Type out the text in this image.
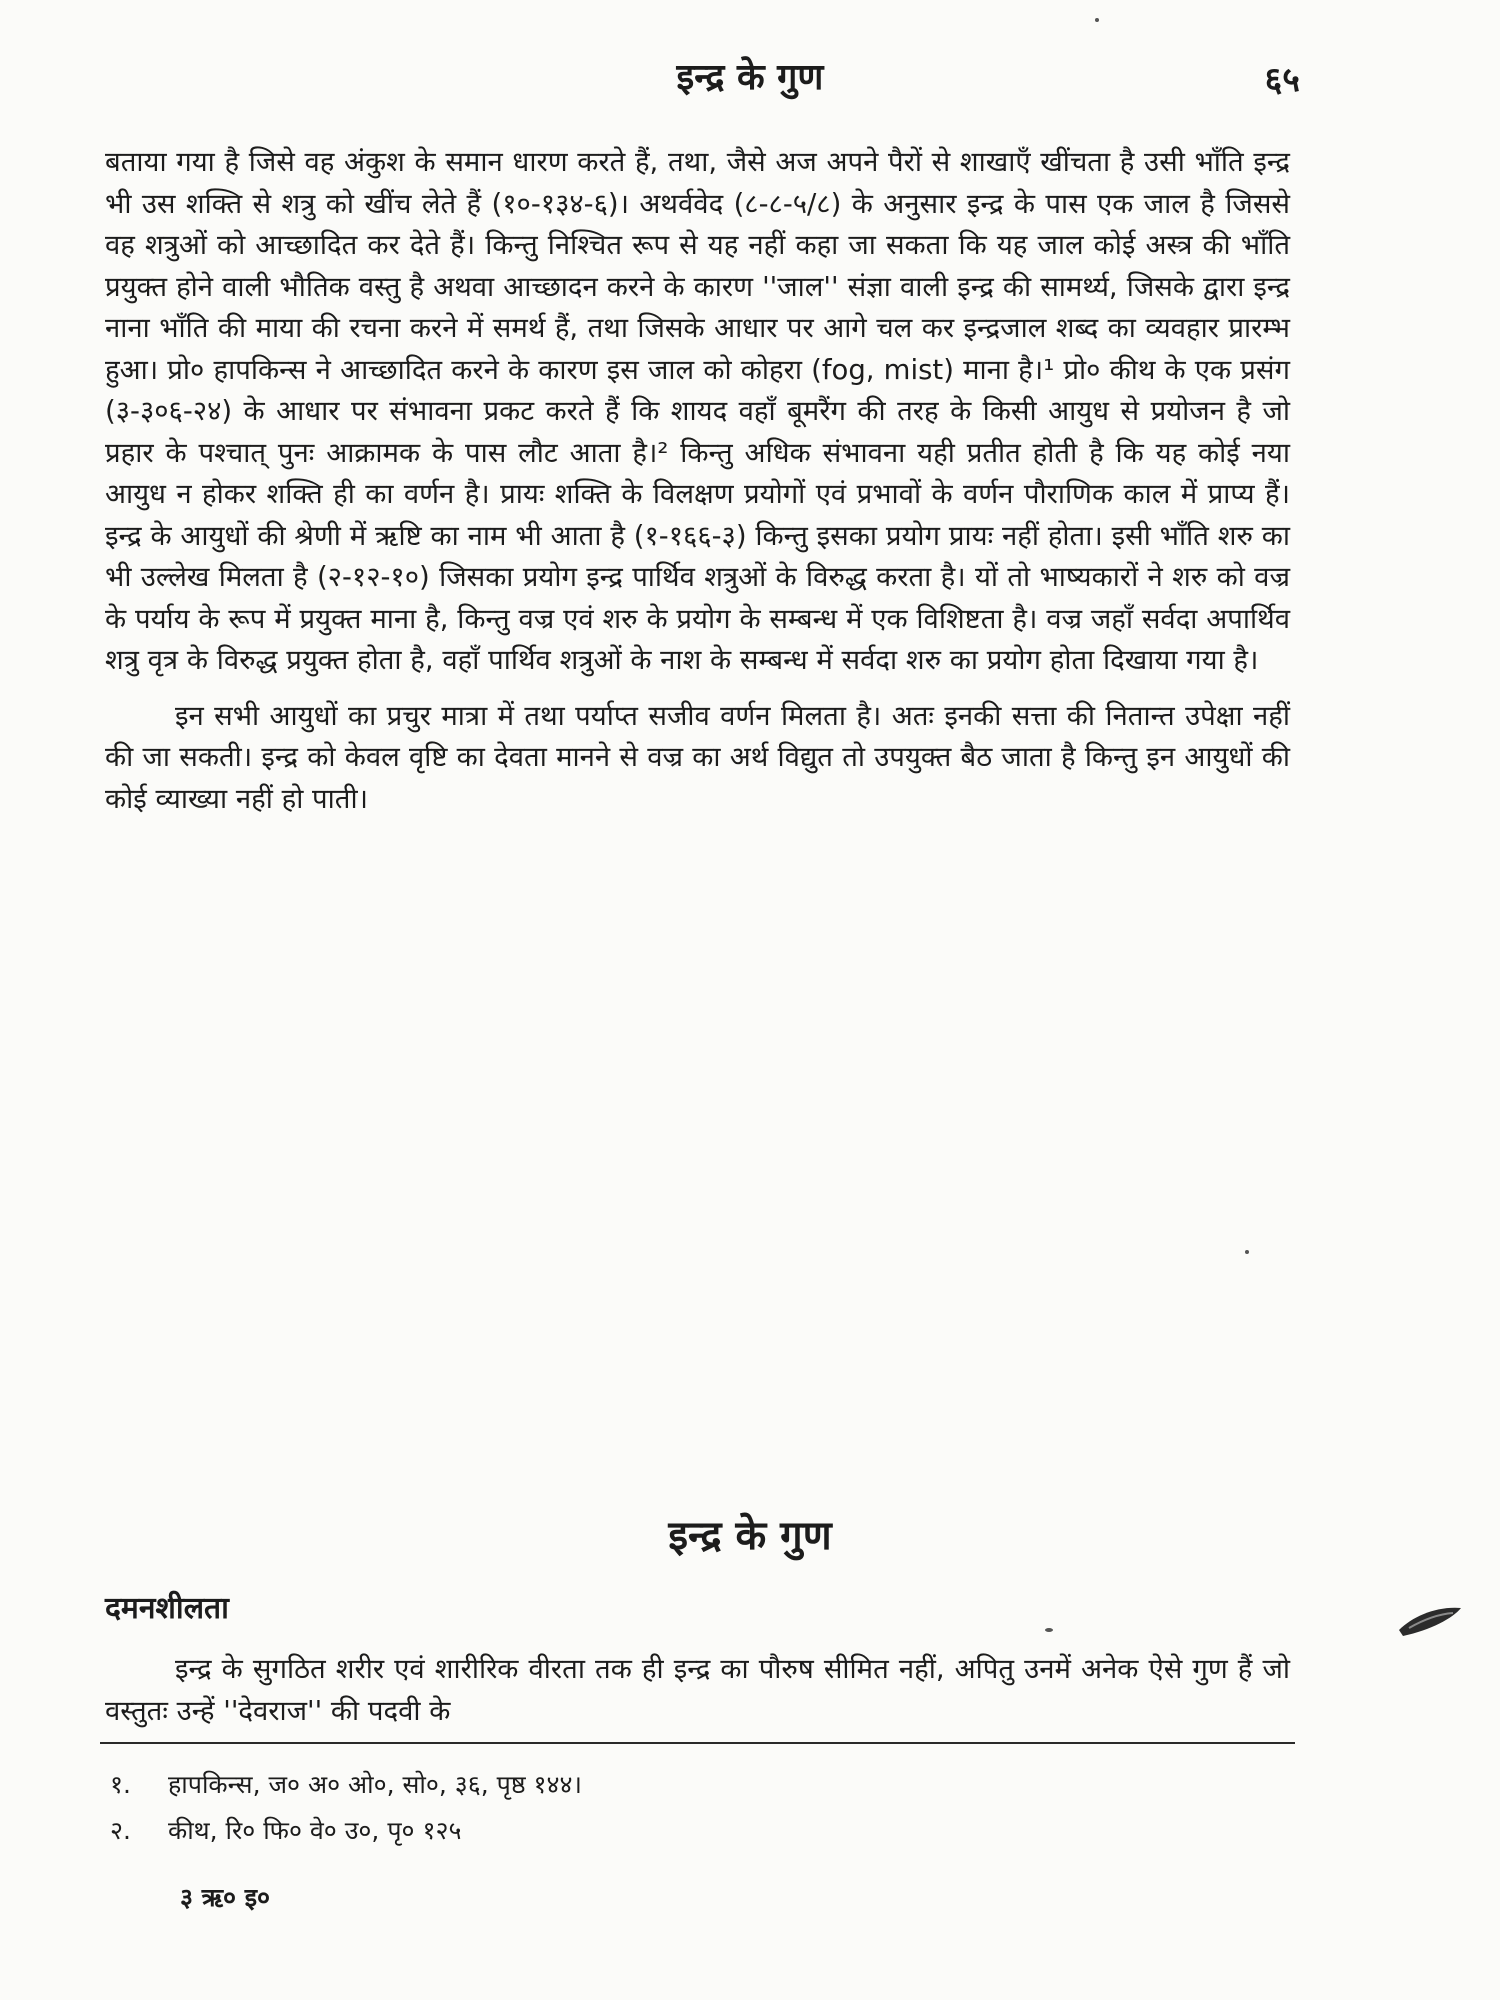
इन्द्र के गुण	६५

बताया गया है जिसे वह अंकुश के समान धारण करते हैं, तथा, जैसे अज अपने पैरों से शाखाएँ खींचता है उसी भाँति इन्द्र भी उस शक्ति से शत्रु को खींच लेते हैं (१०-१३४-६)। अथर्ववेद (८-८-५/८) के अनुसार इन्द्र के पास एक जाल है जिससे वह शत्रुओं को आच्छादित कर देते हैं। किन्तु निश्चित रूप से यह नहीं कहा जा सकता कि यह जाल कोई अस्त्र की भाँति प्रयुक्त होने वाली भौतिक वस्तु है अथवा आच्छादन करने के कारण ''जाल'' संज्ञा वाली इन्द्र की सामर्थ्य, जिसके द्वारा इन्द्र नाना भाँति की माया की रचना करने में समर्थ हैं, तथा जिसके आधार पर आगे चल कर इन्द्रजाल शब्द का व्यवहार प्रारम्भ हुआ। प्रो० हापकिन्स ने आच्छादित करने के कारण इस जाल को कोहरा (fog, mist) माना है।¹ प्रो० कीथ के एक प्रसंग (३-३०६-२४) के आधार पर संभावना प्रकट करते हैं कि शायद वहाँ बूमरैंग की तरह के किसी आयुध से प्रयोजन है जो प्रहार के पश्चात् पुनः आक्रामक के पास लौट आता है।² किन्तु अधिक संभावना यही प्रतीत होती है कि यह कोई नया आयुध न होकर शक्ति ही का वर्णन है। प्रायः शक्ति के विलक्षण प्रयोगों एवं प्रभावों के वर्णन पौराणिक काल में प्राप्य हैं। इन्द्र के आयुधों की श्रेणी में ऋष्टि का नाम भी आता है (१-१६६-३) किन्तु इसका प्रयोग प्रायः नहीं होता। इसी भाँति शरु का भी उल्लेख मिलता है (२-१२-१०) जिसका प्रयोग इन्द्र पार्थिव शत्रुओं के विरुद्ध करता है। यों तो भाष्यकारों ने शरु को वज्र के पर्याय के रूप में प्रयुक्त माना है, किन्तु वज्र एवं शरु के प्रयोग के सम्बन्ध में एक विशिष्टता है। वज्र जहाँ सर्वदा अपार्थिव शत्रु वृत्र के विरुद्ध प्रयुक्त होता है, वहाँ पार्थिव शत्रुओं के नाश के सम्बन्ध में सर्वदा शरु का प्रयोग होता दिखाया गया है।

इन सभी आयुधों का प्रचुर मात्रा में तथा पर्याप्त सजीव वर्णन मिलता है। अतः इनकी सत्ता की नितान्त उपेक्षा नहीं की जा सकती। इन्द्र को केवल वृष्टि का देवता मानने से वज्र का अर्थ विद्युत तो उपयुक्त बैठ जाता है किन्तु इन आयुधों की कोई व्याख्या नहीं हो पाती।

इन्द्र के गुण
दमनशीलता

इन्द्र के सुगठित शरीर एवं शारीरिक वीरता तक ही इन्द्र का पौरुष सीमित नहीं, अपितु उनमें अनेक ऐसे गुण हैं जो वस्तुतः उन्हें ''देवराज'' की पदवी के

१.	हापकिन्स, ज० अ० ओ०, सो०, ३६, पृष्ठ १४४।
२.	कीथ, रि० फि० वे० उ०, पृ० १२५
३ ऋ० इ०
